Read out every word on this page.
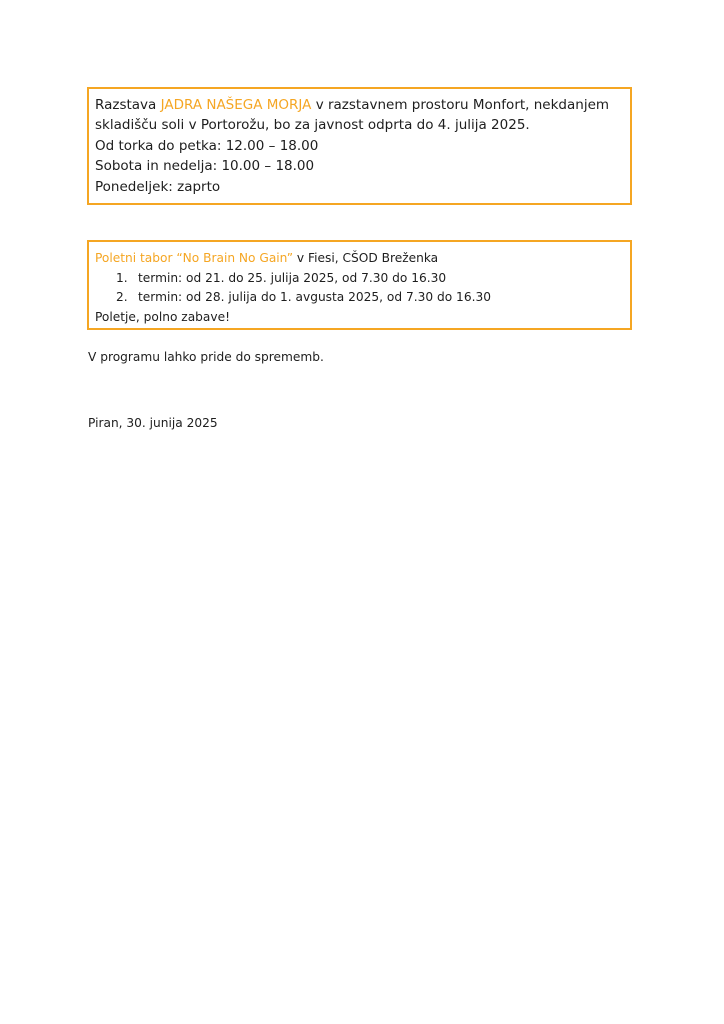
Razstava JADRA NAŠEGA MORJA v razstavnem prostoru Monfort, nekdanjem
skladišču soli v Portorožu, bo za javnost odprta do 4. julija 2025.
Od torka do petka: 12.00 – 18.00
Sobota in nedelja: 10.00 – 18.00
Ponedeljek: zaprto
Poletni tabor “No Brain No Gain” v Fiesi, CŠOD Breženka
1. termin: od 21. do 25. julija 2025, od 7.30 do 16.30
2. termin: od 28. julija do 1. avgusta 2025, od 7.30 do 16.30
Poletje, polno zabave!
V programu lahko pride do sprememb.
Piran, 30. junija 2025
